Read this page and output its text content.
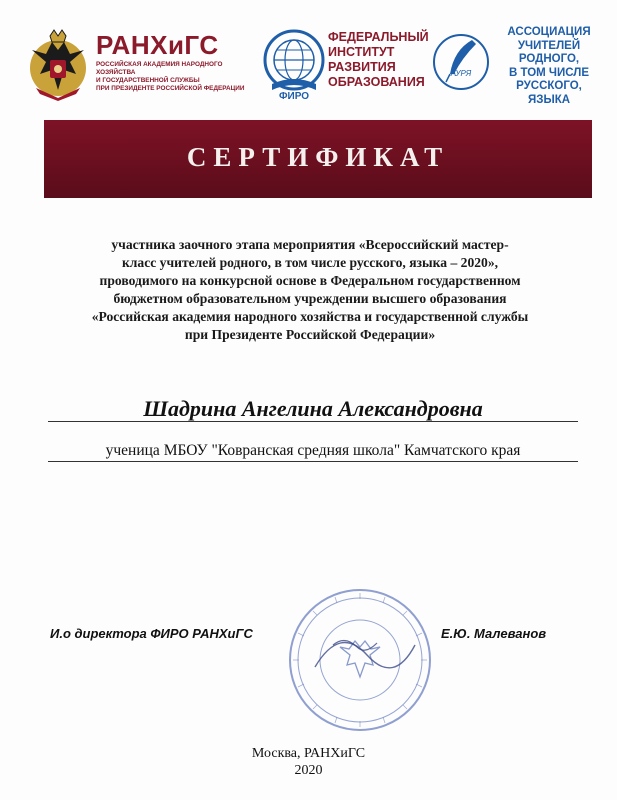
РАНХиГС
РОССИЙСКАЯ АКАДЕМИЯ НАРОДНОГО ХОЗЯЙСТВА
И ГОСУДАРСТВЕННОЙ СЛУЖБЫ
ПРИ ПРЕЗИДЕНТЕ РОССИЙСКОЙ ФЕДЕРАЦИИ
ФИРО
ФЕДЕРАЛЬНЫЙ
ИНСТИТУТ
РАЗВИТИЯ
ОБРАЗОВАНИЯ
АУРЯ
АССОЦИАЦИЯ
УЧИТЕЛЕЙ
РОДНОГО,
В ТОМ ЧИСЛЕ
РУССКОГО,
ЯЗЫКА
СЕРТИФИКАТ
участника заочного этапа мероприятия «Всероссийский мастер-
класс учителей родного, в том числе русского, языка – 2020»,
проводимого на конкурсной основе в Федеральном государственном
бюджетном образовательном учреждении высшего образования
«Российская академия народного хозяйства и государственной службы
при Президенте Российской Федерации»
Шадрина Ангелина Александровна
ученица МБОУ "Ковранская средняя школа" Камчатского края
И.о директора ФИРО РАНХиГС	Е.Ю. Малеванов
Москва, РАНХиГС
2020
